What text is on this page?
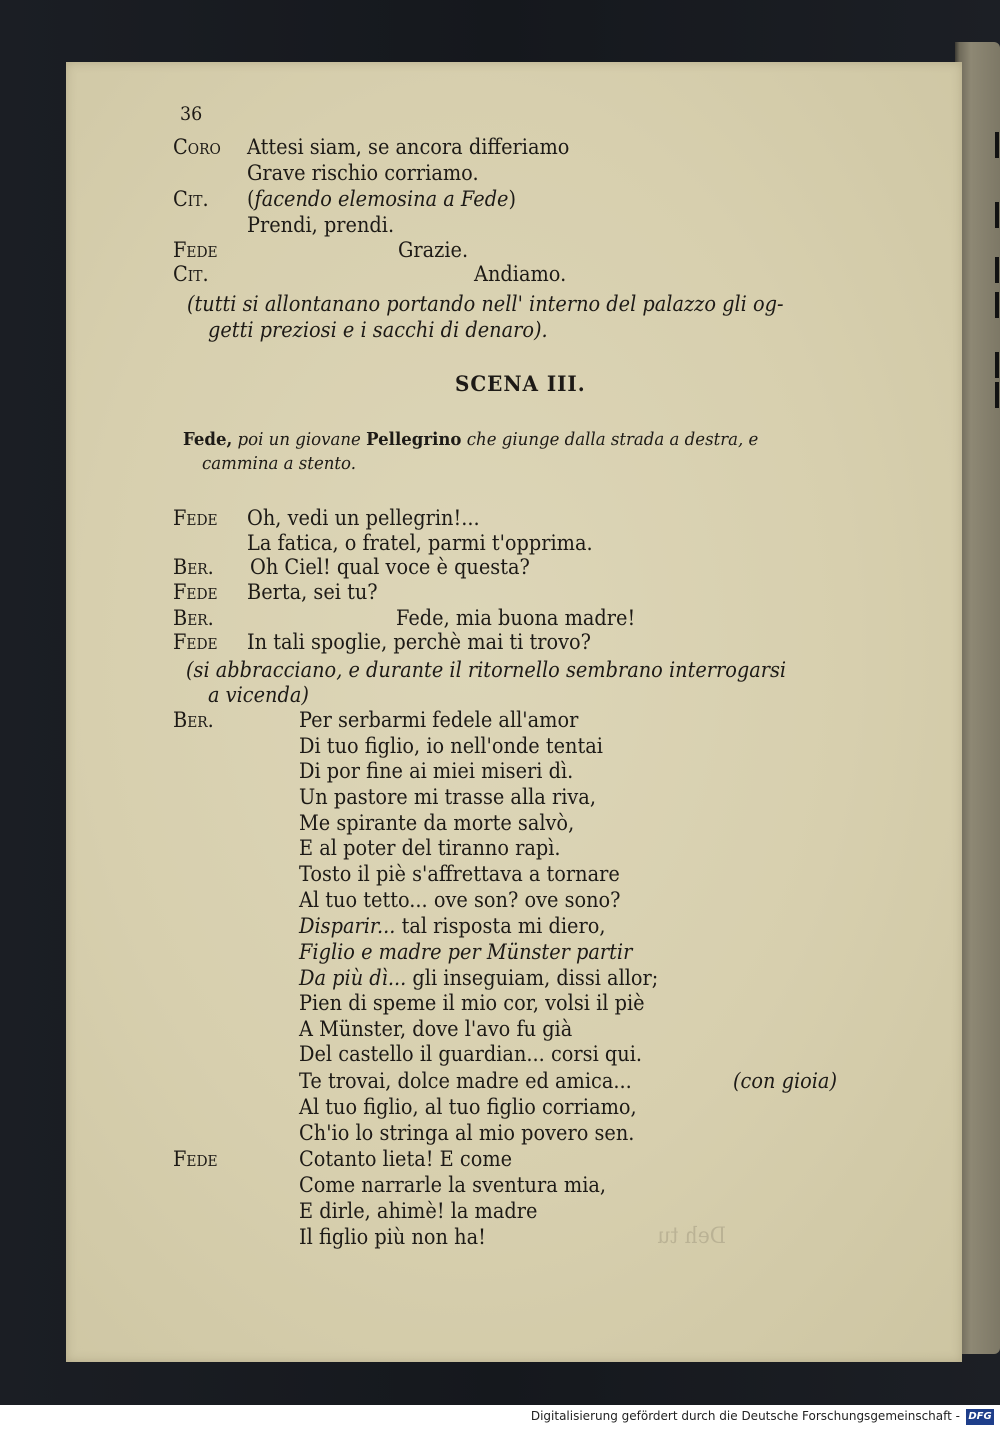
36
Coro Attesi siam, se ancora differiamo
Grave rischio corriamo.
Cit. (facendo elemosina a Fede)
Prendi, prendi.
Fede	Grazie.
Cit.	Andiamo.
(tutti si allontanano portando nell' interno del palazzo gli og-
getti preziosi e i sacchi di denaro).
SCENA III.
Fede, poi un giovane Pellegrino che giunge dalla strada a destra, e
cammina a stento.
Fede Oh, vedi un pellegrin!...
La fatica, o fratel, parmi t'opprima.
Ber. Oh Ciel! qual voce è questa?
Fede Berta, sei tu?
Ber.	Fede, mia buona madre!
Fede In tali spoglie, perchè mai ti trovo?
(si abbracciano, e durante il ritornello sembrano interrogarsi
a vicenda)
Ber.	Per serbarmi fedele all'amor
Di tuo figlio, io nell'onde tentai
Di por fine ai miei miseri dì.
Un pastore mi trasse alla riva,
Me spirante da morte salvò,
E al poter del tiranno rapì.
Tosto il piè s'affrettava a tornare
Al tuo tetto... ove son? ove sono?
Disparir... tal risposta mi diero,
Figlio e madre per Münster partir
Da più dì... gli inseguiam, dissi allor;
Pien di speme il mio cor, volsi il piè
A Münster, dove l'avo fu già
Del castello il guardian... corsi qui.
Te trovai, dolce madre ed amica...	(con gioia)
Al tuo figlio, al tuo figlio corriamo,
Ch'io lo stringa al mio povero sen.
Fede	Cotanto lieta! E come
Come narrarle la sventura mia,
E dirle, ahimè! la madre
Il figlio più non ha!	Deh tu
Digitalisierung gefördert durch die Deutsche Forschungsgemeinschaft - DFG
